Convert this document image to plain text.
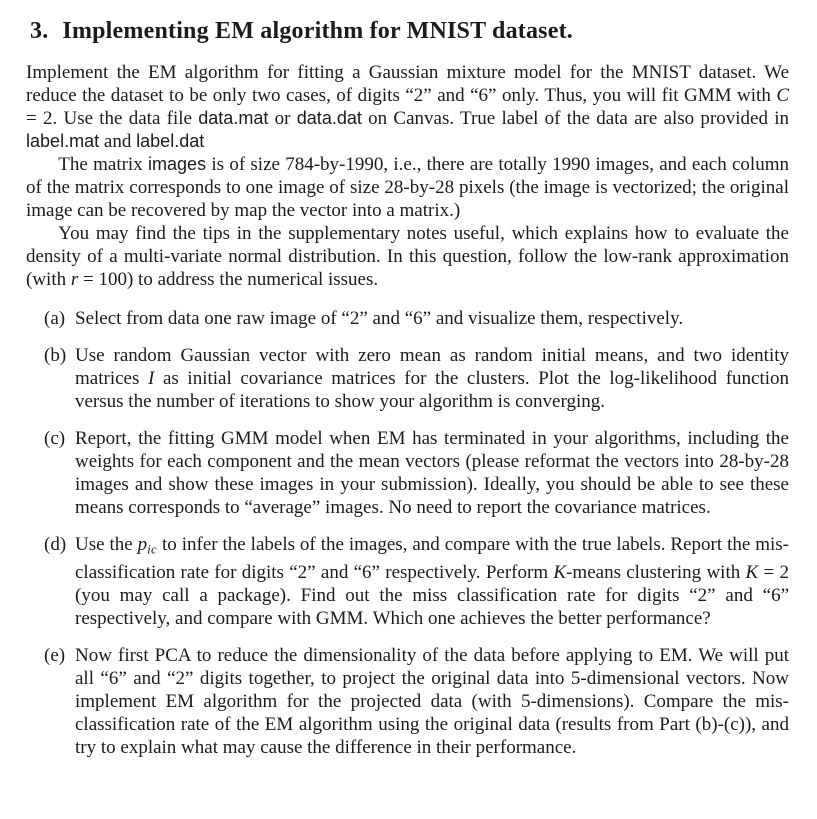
3. Implementing EM algorithm for MNIST dataset.

Implement the EM algorithm for fitting a Gaussian mixture model for the MNIST dataset. We reduce the dataset to be only two cases, of digits “2” and “6” only. Thus, you will fit GMM with C = 2. Use the data file data.mat or data.dat on Canvas. True label of the data are also provided in label.mat and label.dat

The matrix images is of size 784-by-1990, i.e., there are totally 1990 images, and each column of the matrix corresponds to one image of size 28-by-28 pixels (the image is vectorized; the original image can be recovered by map the vector into a matrix.)

You may find the tips in the supplementary notes useful, which explains how to evaluate the density of a multi-variate normal distribution. In this question, follow the low-rank approximation (with r = 100) to address the numerical issues.

(a) Select from data one raw image of “2” and “6” and visualize them, respectively.
(b) Use random Gaussian vector with zero mean as random initial means, and two identity matrices I as initial covariance matrices for the clusters. Plot the log-likelihood function versus the number of iterations to show your algorithm is converging.
(c) Report, the fitting GMM model when EM has terminated in your algorithms, including the weights for each component and the mean vectors (please reformat the vectors into 28-by-28 images and show these images in your submission). Ideally, you should be able to see these means corresponds to “average” images. No need to report the covariance matrices.
(d) Use the pic to infer the labels of the images, and compare with the true labels. Report the mis-classification rate for digits “2” and “6” respectively. Perform K-means clustering with K = 2 (you may call a package). Find out the miss classification rate for digits “2” and “6” respectively, and compare with GMM. Which one achieves the better performance?
(e) Now first PCA to reduce the dimensionality of the data before applying to EM. We will put all “6” and “2” digits together, to project the original data into 5-dimensional vectors. Now implement EM algorithm for the projected data (with 5-dimensions). Compare the mis-classification rate of the EM algorithm using the original data (results from Part (b)-(c)), and try to explain what may cause the difference in their performance.
